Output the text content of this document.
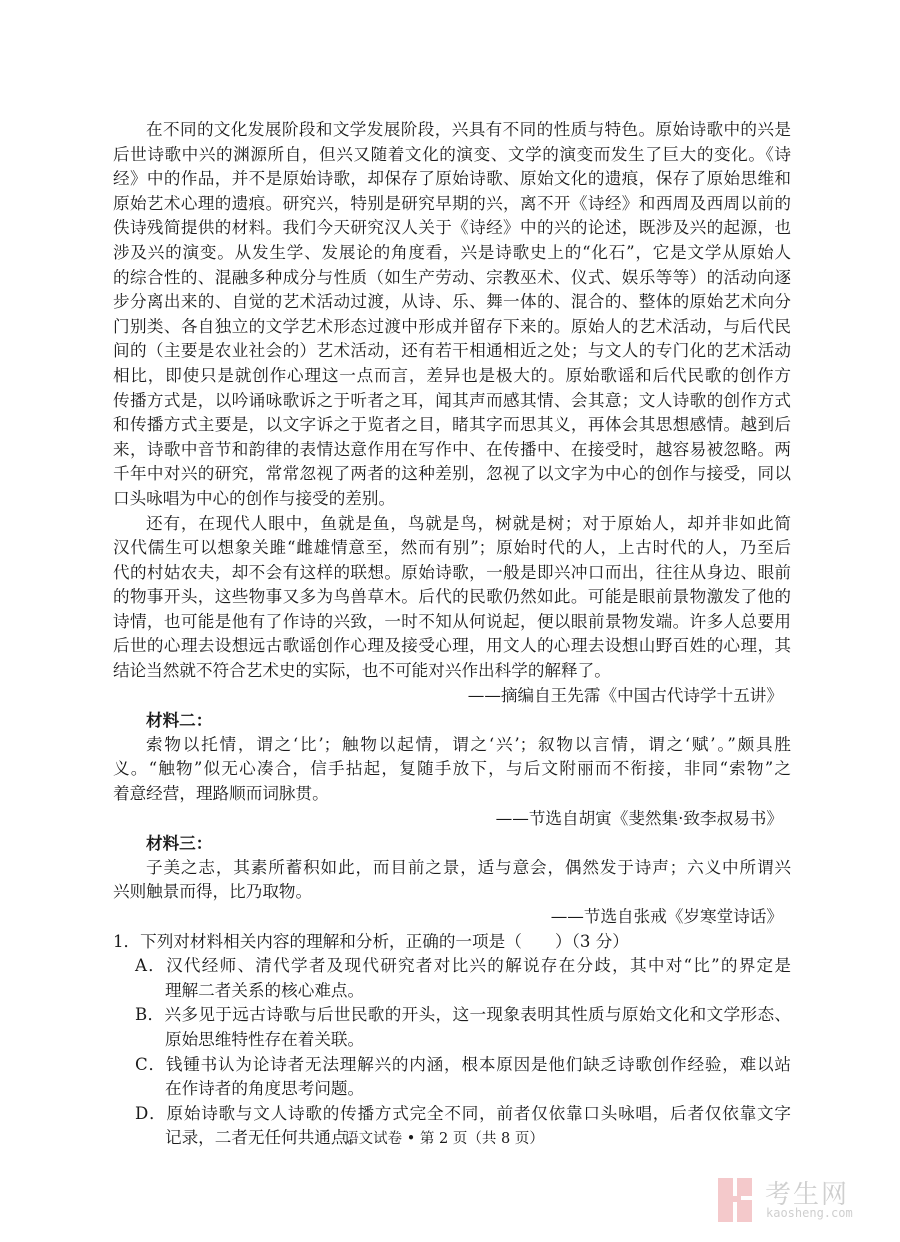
在不同的文化发展阶段和文学发展阶段，兴具有不同的性质与特色。原始诗歌中的兴是
后世诗歌中兴的渊源所自，但兴又随着文化的演变、文学的演变而发生了巨大的变化。《诗
经》中的作品，并不是原始诗歌，却保存了原始诗歌、原始文化的遗痕，保存了原始思维和
原始艺术心理的遗痕。研究兴，特别是研究早期的兴，离不开《诗经》和西周及西周以前的
佚诗残简提供的材料。我们今天研究汉人关于《诗经》中的兴的论述，既涉及兴的起源，也
涉及兴的演变。从发生学、发展论的角度看，兴是诗歌史上的“化石”，它是文学从原始人
的综合性的、混融多种成分与性质（如生产劳动、宗教巫术、仪式、娱乐等等）的活动向逐
步分离出来的、自觉的艺术活动过渡，从诗、乐、舞一体的、混合的、整体的原始艺术向分
门别类、各自独立的文学艺术形态过渡中形成并留存下来的。原始人的艺术活动，与后代民
间的（主要是农业社会的）艺术活动，还有若干相通相近之处；与文人的专门化的艺术活动
相比，即使只是就创作心理这一点而言，差异也是极大的。原始歌谣和后代民歌的创作方
传播方式是，以吟诵咏歌诉之于听者之耳，闻其声而感其情、会其意；文人诗歌的创作方式
和传播方式主要是，以文字诉之于览者之目，睹其字而思其义，再体会其思想感情。越到后
来，诗歌中音节和韵律的表情达意作用在写作中、在传播中、在接受时，越容易被忽略。两
千年中对兴的研究，常常忽视了两者的这种差别，忽视了以文字为中心的创作与接受，同以
口头咏唱为中心的创作与接受的差别。
还有，在现代人眼中，鱼就是鱼，鸟就是鸟，树就是树；对于原始人，却并非如此简
汉代儒生可以想象关雎“雌雄情意至，然而有别”；原始时代的人，上古时代的人，乃至后
代的村姑农夫，却不会有这样的联想。原始诗歌，一般是即兴冲口而出，往往从身边、眼前
的物事开头，这些物事又多为鸟兽草木。后代的民歌仍然如此。可能是眼前景物激发了他的
诗情，也可能是他有了作诗的兴致，一时不知从何说起，便以眼前景物发端。许多人总要用
后世的心理去设想远古歌谣创作心理及接受心理，用文人的心理去设想山野百姓的心理，其
结论当然就不符合艺术史的实际，也不可能对兴作出科学的解释了。
——摘编自王先霈《中国古代诗学十五讲》
材料二：
索物以托情，谓之‘比’；触物以起情，谓之‘兴’；叙物以言情，谓之‘赋’。”颇具胜
义。“触物”似无心凑合，信手拈起，复随手放下，与后文附丽而不衔接，非同“索物”之
着意经营，理路顺而词脉贯。
——节选自胡寅《斐然集·致李叔易书》
材料三：
子美之志，其素所蓄积如此，而目前之景，适与意会，偶然发于诗声；六义中所谓兴
兴则触景而得，比乃取物。
——节选自张戒《岁寒堂诗话》
1．下列对材料相关内容的理解和分析，正确的一项是（　　）（3 分）
A．汉代经师、清代学者及现代研究者对比兴的解说存在分歧，其中对“比”的界定是
理解二者关系的核心难点。
B．兴多见于远古诗歌与后世民歌的开头，这一现象表明其性质与原始文化和文学形态、
原始思维特性存在着关联。
C．钱锺书认为论诗者无法理解兴的内涵，根本原因是他们缺乏诗歌创作经验，难以站
在作诗者的角度思考问题。
D．原始诗歌与文人诗歌的传播方式完全不同，前者仅依靠口头咏唱，后者仅依靠文字
记录，二者无任何共通点。
语文试卷 • 第 2 页（共 8 页）
考生网
kaosheng.com
